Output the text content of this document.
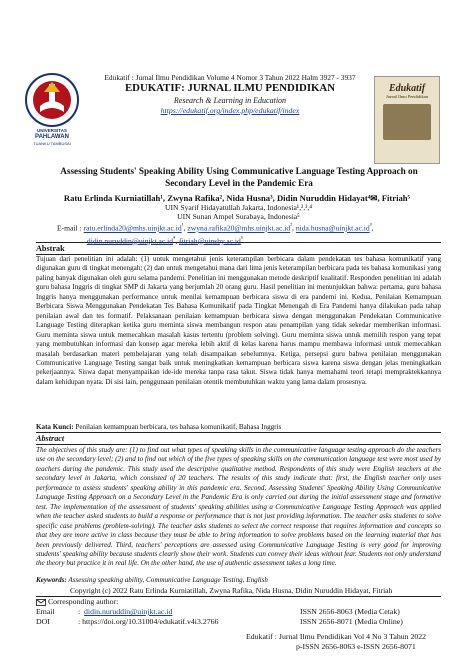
UNIVERSITAS
PAHLAWAN
TUANKU TAMBUSAI
Edukatif : Jurnal Ilmu Pendidikan Volume 4 Nomor 3 Tahun 2022 Halm 3927 - 3937
EDUKATIF: JURNAL ILMU PENDIDIKAN
Research & Learning in Education
https://edukatif.org/index.php/edukatif/index
Edukatif
Jurnal Ilmu Pendidikan
Assessing Students' Speaking Ability Using Communicative Language Testing Approach on Secondary Level in the Pandemic Era
Ratu Erlinda Kurniatillah¹, Zwyna Rafika², Nida Husna³, Didin Nuruddin Hidayat⁴✉, Fitriah⁵
UIN Syarif Hidayatullah Jakarta, Indonesia¹,²,³,⁴
UIN Sunan Ampel Surabaya, Indonesia⁵
E-mail : $ratu.erlinda20@mhs.uinjkt.ac.id^{^1}$, $zwyna.rafika20@mhs.uinjkt.ac.id^{^2}$, $nida.husna@uinjkt.ac.id^{^3}$,
$didin.nuruddin@uinjkt.ac.id^{^4}$, $fitriah@uinsby.ac.id^{^5}$
Abstrak

Tujuan dari penelitian ini adalah: (1) untuk mengetahui jenis keterampilan berbicara dalam pendekatan tes bahasa komunikatif yang digunakan guru di tingkat menengah; (2) dan untuk mengetahui mana dari lima jenis keterampilan berbicara pada tes bahasa komunikasi yang paling banyak digunakan oleh guru selama pandemi. Penelitian ini menggunakan metode deskriptif kualitatif. Responden penelitian ini adalah guru bahasa Inggris di tingkat SMP di Jakarta yang berjumlah 20 orang guru. Hasil penelitian ini menunjukkan bahwa: pertama, guru bahasa Inggris hanya menggunakan performance untuk menilai kemampuan berbicara siswa di era pandemi ini. Kedua, Penilaian Kemampuan Berbicara Siswa Menggunakan Pendekatan Tes Bahasa Komunikatif pada Tingkat Menengah di Era Pandemi hanya dilakukan pada tahap penilaian awal dan tes formatif. Pelaksanaan penilaian kemampuan berbicara siswa dengan menggunakan Pendekatan Communicative Language Testing diterapkan ketika guru meminta siswa membangun respon atau penampilan yang tidak sekedar memberikan informasi. Guru meminta siswa untuk memecahkan masalah kasus tertentu (problem solving). Guru meminta siswa untuk memilih respon yang tepat yang membutuhkan informasi dan konsep agar mereka lebih aktif di kelas karena harus mampu membawa informasi untuk memecahkan masalah berdasarkan materi pembelajaran yang telah disampaikan sebelumnya. Ketiga, persepsi guru bahwa penilaian menggunakan Communicative Language Testing sangat baik untuk meningkatkan kemampuan berbicara siswa karena siswa dengan jelas meningkatkan pekerjaannya. Siswa dapat menyampaikan ide-ide mereka tanpa rasa takut. Siswa tidak hanya memahami teori tetapi mempraktekkannya dalam kehidupan nyata. Di sisi lain, penggunaan penilaian otentik membutuhkan waktu yang lama dalam prosesnya.

Kata Kunci: Penilaian kemampuan berbicara, tes bahasa komunikatif, Bahasa Inggris
Abstract

The objectives of this study are: (1) to find out what types of speaking skills in the communicative language testing approach do the teachers use on the secondary level; (2) and to find out which of the five types of speaking skills on the communication language test were most used by teachers during the pandemic. This study used the descriptive qualitative method. Respondents of this study were English teachers at the secondary level in Jakarta, which consisted of 20 teachers. The results of this study indicate that: first, the English teacher only uses performance to assess students' speaking ability in this pandemic era. Second, Assessing Students' Speaking Ability Using Communicative Language Testing Approach on a Secondary Level in the Pandemic Era is only carried out during the initial assessment stage and formative test. The implementation of the assessment of students' speaking abilities using a Communicative Language Testing Approach was applied when the teacher asked students to build a response or performance that is not just providing information. The teacher asks students to solve specific case problems (problem-solving). The teacher asks students to select the correct response that requires information and concepts so that they are more active in class because they must be able to bring information to solve problems based on the learning material that has been previously delivered. Third, teachers' perceptions are assessed using Communicative Language Testing is very good for improving students' speaking ability because students clearly show their work. Students can convey their ideas without fear. Students not only understand the theory but practice it in real life. On the other hand, the use of authentic assessment takes a long time.

Keywords: Assessing speaking ability, Communicative Language Testing, English
Copyright (c) 2022 Ratu Erlinda Kurniatillah, Zwyna Rafika, Nida Husna, Didin Nuruddin Hidayat, Fitriah
Corresponding author:
Email	: didin.nuruddin@uinjkt.ac.id
DOI	: https://doi.org/10.31004/edukatif.v4i3.2766
ISSN 2656-8063 (Media Cetak)
ISSN 2656-8071 (Media Online)
Edukatif : Jurnal Ilmu Pendidikan Vol 4 No 3 Tahun 2022
p-ISSN 2656-8063 e-ISSN 2656-8071
